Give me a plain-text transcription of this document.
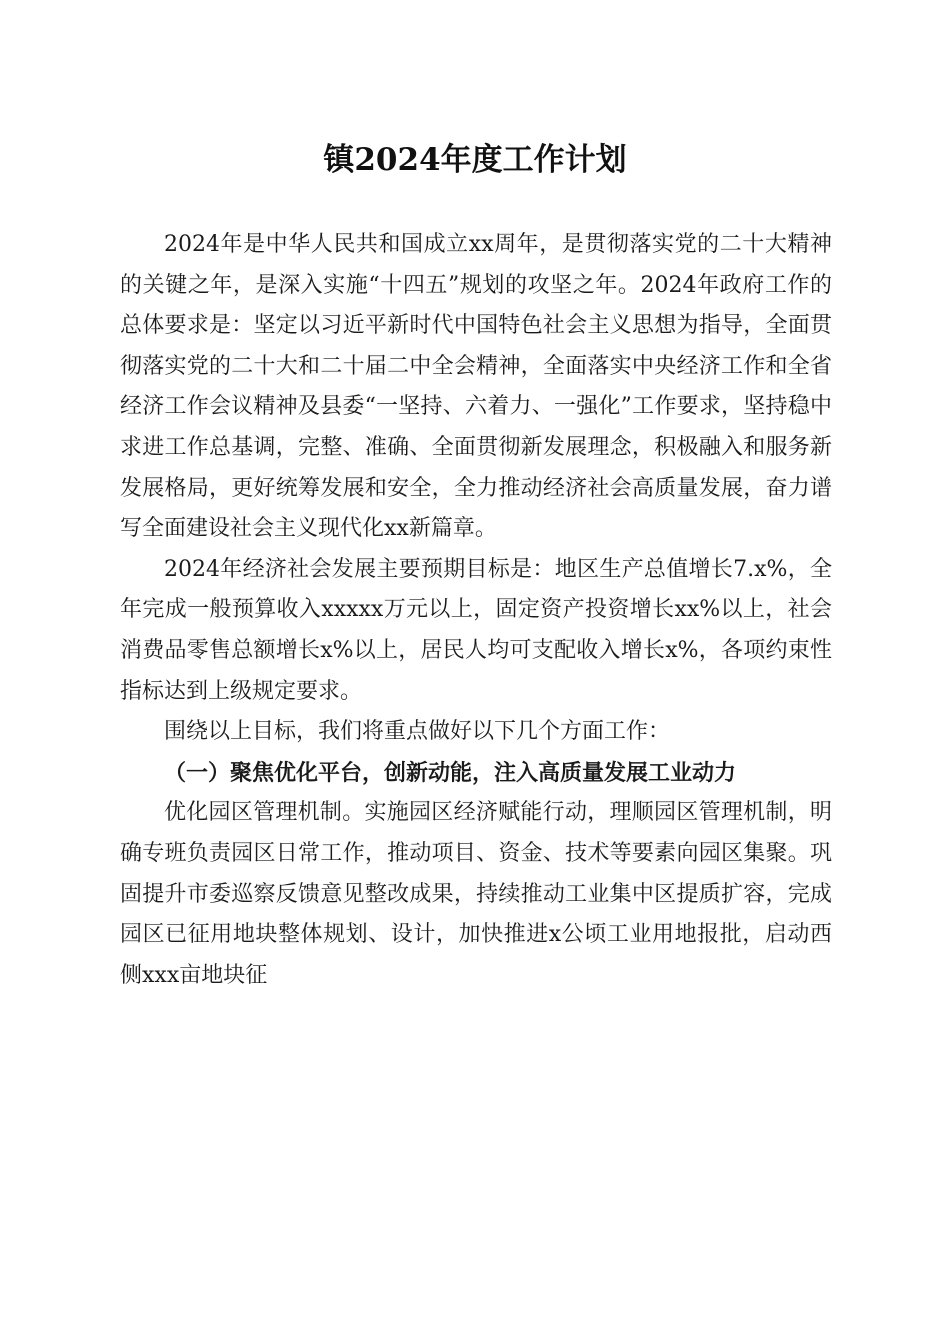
镇2024年度工作计划

2024年是中华人民共和国成立xx周年，是贯彻落实党的二十大精神的关键之年，是深入实施“十四五”规划的攻坚之年。2024年政府工作的总体要求是：坚定以习近平新时代中国特色社会主义思想为指导，全面贯彻落实党的二十大和二十届二中全会精神，全面落实中央经济工作和全省经济工作会议精神及县委“一坚持、六着力、一强化”工作要求，坚持稳中求进工作总基调，完整、准确、全面贯彻新发展理念，积极融入和服务新发展格局，更好统筹发展和安全，全力推动经济社会高质量发展，奋力谱写全面建设社会主义现代化xx新篇章。

2024年经济社会发展主要预期目标是：地区生产总值增长7.x%，全年完成一般预算收入xxxxx万元以上，固定资产投资增长xx%以上，社会消费品零售总额增长x%以上，居民人均可支配收入增长x%，各项约束性指标达到上级规定要求。

围绕以上目标，我们将重点做好以下几个方面工作：

（一）聚焦优化平台，创新动能，注入高质量发展工业动力

优化园区管理机制。实施园区经济赋能行动，理顺园区管理机制，明确专班负责园区日常工作，推动项目、资金、技术等要素向园区集聚。巩固提升市委巡察反馈意见整改成果，持续推动工业集中区提质扩容，完成园区已征用地块整体规划、设计，加快推进x公顷工业用地报批，启动西侧xxx亩地块征
